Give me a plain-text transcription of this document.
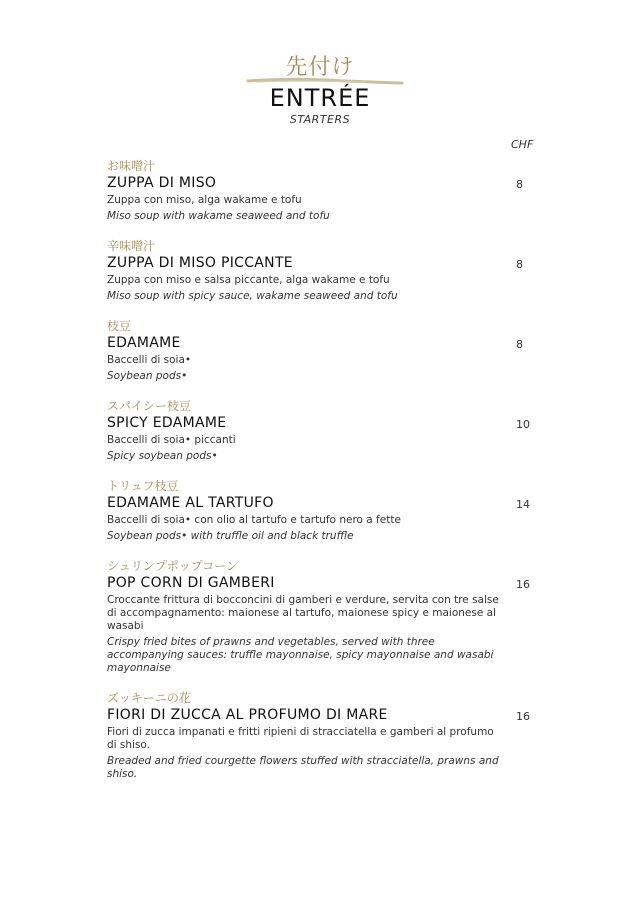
先付け
ENTRÉE
STARTERS
CHF
お味噌汁
ZUPPA DI MISO
Zuppa con miso, alga wakame e tofu
Miso soup with wakame seaweed and tofu
8
辛味噌汁
ZUPPA DI MISO PICCANTE
Zuppa con miso e salsa piccante, alga wakame e tofu
Miso soup with spicy sauce, wakame seaweed and tofu
8
枝豆
EDAMAME
Baccelli di soia•
Soybean pods•
8
スパイシー枝豆
SPICY EDAMAME
Baccelli di soia• piccanti
Spicy soybean pods•
10
トリュフ枝豆
EDAMAME AL TARTUFO
Baccelli di soia• con olio al tartufo e tartufo nero a fette
Soybean pods• with truffle oil and black truffle
14
シュリンプポップコーン
POP CORN DI GAMBERI
Croccante frittura di bocconcini di gamberi e verdure, servita con tre salse di accompagnamento: maionese al tartufo, maionese spicy e maionese al wasabi
Crispy fried bites of prawns and vegetables, served with three accompanying sauces: truffle mayonnaise, spicy mayonnaise and wasabi mayonnaise
16
ズッキーニの花
FIORI DI ZUCCA AL PROFUMO DI MARE
Fiori di zucca impanati e fritti ripieni di stracciatella e gamberi al profumo di shiso.
Breaded and fried courgette flowers stuffed with stracciatella, prawns and shiso.
16
